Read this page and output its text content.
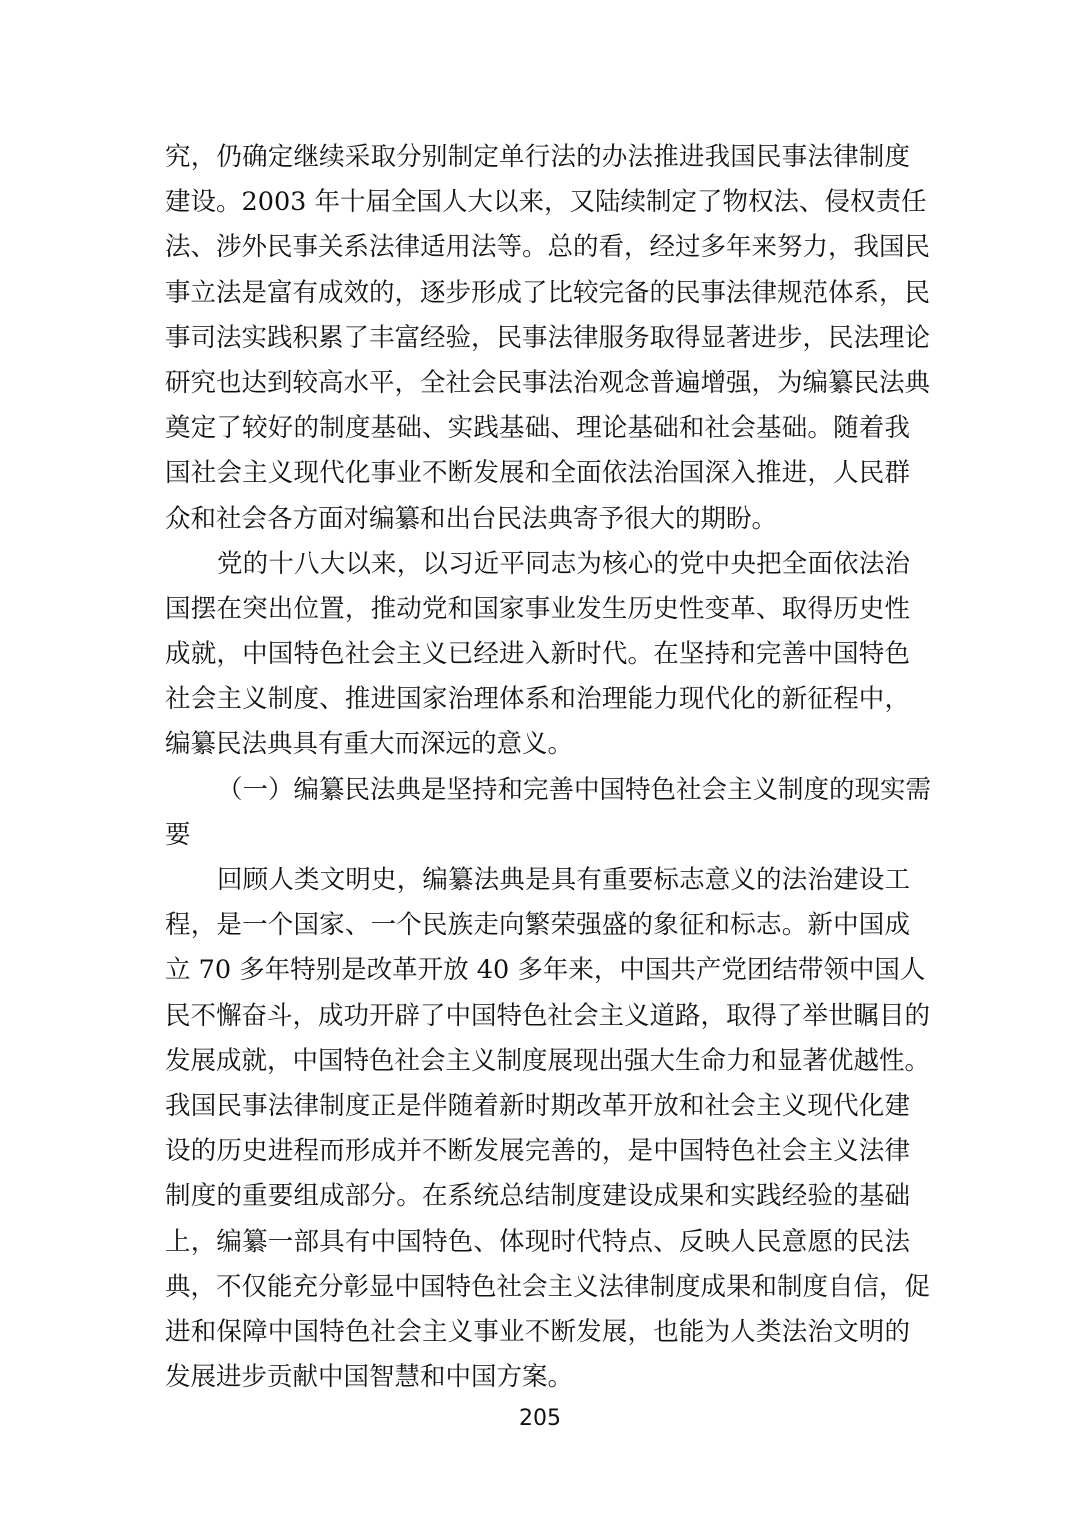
究，仍确定继续采取分别制定单行法的办法推进我国民事法律制度
建设。2003 年十届全国人大以来，又陆续制定了物权法、侵权责任
法、涉外民事关系法律适用法等。总的看，经过多年来努力，我国民
事立法是富有成效的，逐步形成了比较完备的民事法律规范体系，民
事司法实践积累了丰富经验，民事法律服务取得显著进步，民法理论
研究也达到较高水平，全社会民事法治观念普遍增强，为编纂民法典
奠定了较好的制度基础、实践基础、理论基础和社会基础。随着我
国社会主义现代化事业不断发展和全面依法治国深入推进，人民群
众和社会各方面对编纂和出台民法典寄予很大的期盼。
党的十八大以来，以习近平同志为核心的党中央把全面依法治
国摆在突出位置，推动党和国家事业发生历史性变革、取得历史性
成就，中国特色社会主义已经进入新时代。在坚持和完善中国特色
社会主义制度、推进国家治理体系和治理能力现代化的新征程中，
编纂民法典具有重大而深远的意义。
（一）编纂民法典是坚持和完善中国特色社会主义制度的现实需
要
回顾人类文明史，编纂法典是具有重要标志意义的法治建设工
程，是一个国家、一个民族走向繁荣强盛的象征和标志。新中国成
立 70 多年特别是改革开放 40 多年来，中国共产党团结带领中国人
民不懈奋斗，成功开辟了中国特色社会主义道路，取得了举世瞩目的
发展成就，中国特色社会主义制度展现出强大生命力和显著优越性。
我国民事法律制度正是伴随着新时期改革开放和社会主义现代化建
设的历史进程而形成并不断发展完善的，是中国特色社会主义法律
制度的重要组成部分。在系统总结制度建设成果和实践经验的基础
上，编纂一部具有中国特色、体现时代特点、反映人民意愿的民法
典，不仅能充分彰显中国特色社会主义法律制度成果和制度自信，促
进和保障中国特色社会主义事业不断发展，也能为人类法治文明的
发展进步贡献中国智慧和中国方案。
205
